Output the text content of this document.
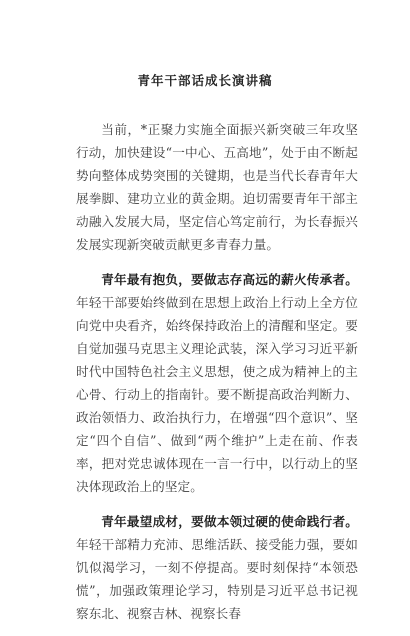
青年干部话成长演讲稿

当前，*正聚力实施全面振兴新突破三年攻坚行动，加快建设“一中心、五高地”，处于由不断起势向整体成势突围的关键期，也是当代长春青年大展拳脚、建功立业的黄金期。迫切需要青年干部主动融入发展大局，坚定信心笃定前行，为长春振兴发展实现新突破贡献更多青春力量。

青年最有抱负，要做志存高远的薪火传承者。年轻干部要始终做到在思想上政治上行动上全方位向党中央看齐，始终保持政治上的清醒和坚定。要自觉加强马克思主义理论武装，深入学习习近平新时代中国特色社会主义思想，使之成为精神上的主心骨、行动上的指南针。要不断提高政治判断力、政治领悟力、政治执行力，在增强“四个意识”、坚定“四个自信”、做到“两个维护”上走在前、作表率，把对党忠诚体现在一言一行中，以行动上的坚决体现政治上的坚定。

青年最望成材，要做本领过硬的使命践行者。年轻干部精力充沛、思维活跃、接受能力强，要如饥似渴学习，一刻不停提高。要时刻保持“本领恐慌”，加强政策理论学习，特别是习近平总书记视察东北、视察吉林、视察长春
